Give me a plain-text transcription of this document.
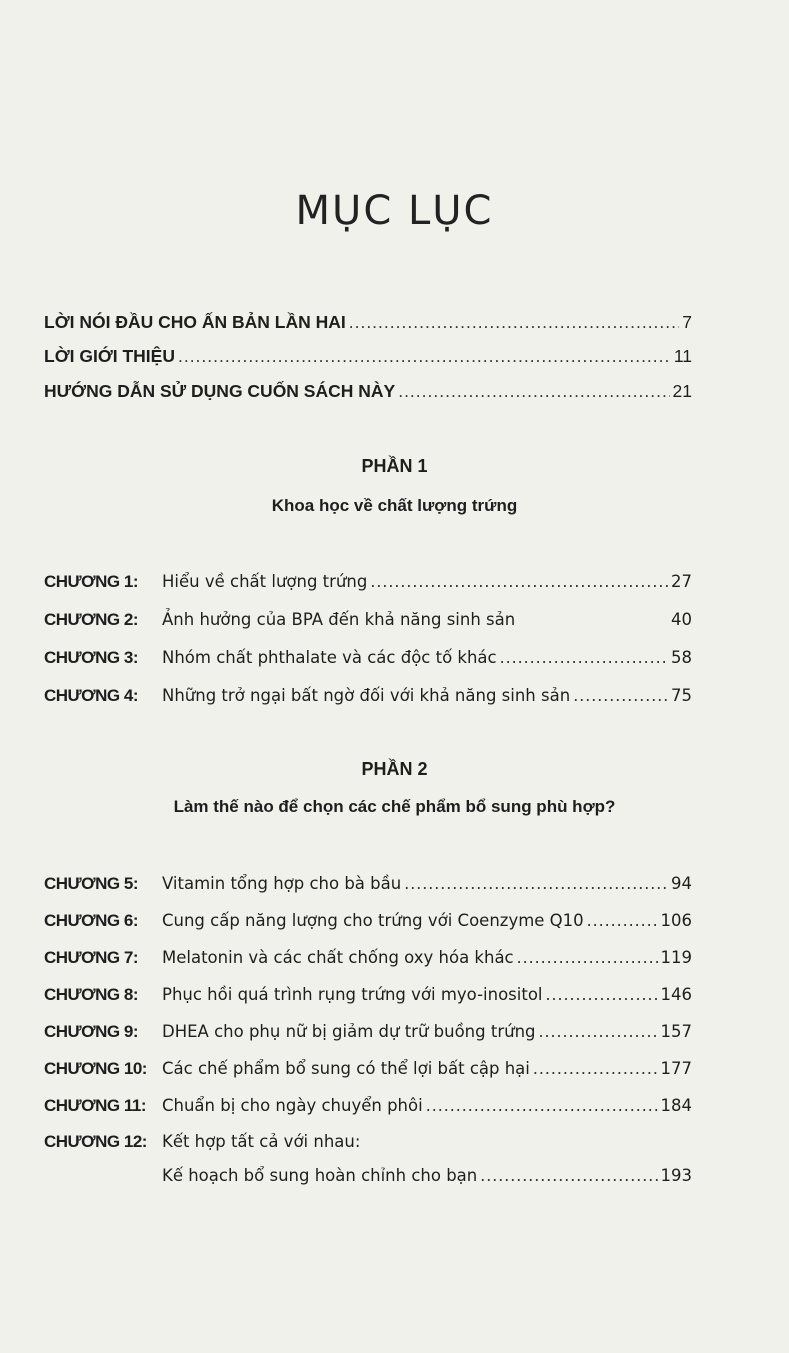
MỤC LỤC
LỜI NÓI ĐẦU CHO ẤN BẢN LẦN HAI .....	7
LỜI GIỚI THIỆU .....	11
HƯỚNG DẪN SỬ DỤNG CUỐN SÁCH NÀY .....	21
PHẦN 1
Khoa học về chất lượng trứng
CHƯƠNG 1:	Hiểu về chất lượng trứng .....	27
CHƯƠNG 2:	Ảnh hưởng của BPA đến khả năng sinh sản	40
CHƯƠNG 3:	Nhóm chất phthalate và các độc tố khác .....	58
CHƯƠNG 4:	Những trở ngại bất ngờ đối với khả năng sinh sản .....	75
PHẦN 2
Làm thế nào để chọn các chế phẩm bổ sung phù hợp?
CHƯƠNG 5:	Vitamin tổng hợp cho bà bầu .....	94
CHƯƠNG 6:	Cung cấp năng lượng cho trứng với Coenzyme Q10 .....	106
CHƯƠNG 7:	Melatonin và các chất chống oxy hóa khác .....	119
CHƯƠNG 8:	Phục hồi quá trình rụng trứng với myo-inositol .....	146
CHƯƠNG 9:	DHEA cho phụ nữ bị giảm dự trữ buồng trứng .....	157
CHƯƠNG 10: Các chế phẩm bổ sung có thể lợi bất cập hại .....	177
CHƯƠNG 11: Chuẩn bị cho ngày chuyển phôi .....	184
CHƯƠNG 12: Kết hợp tất cả với nhau:
Kế hoạch bổ sung hoàn chỉnh cho bạn .....	193
